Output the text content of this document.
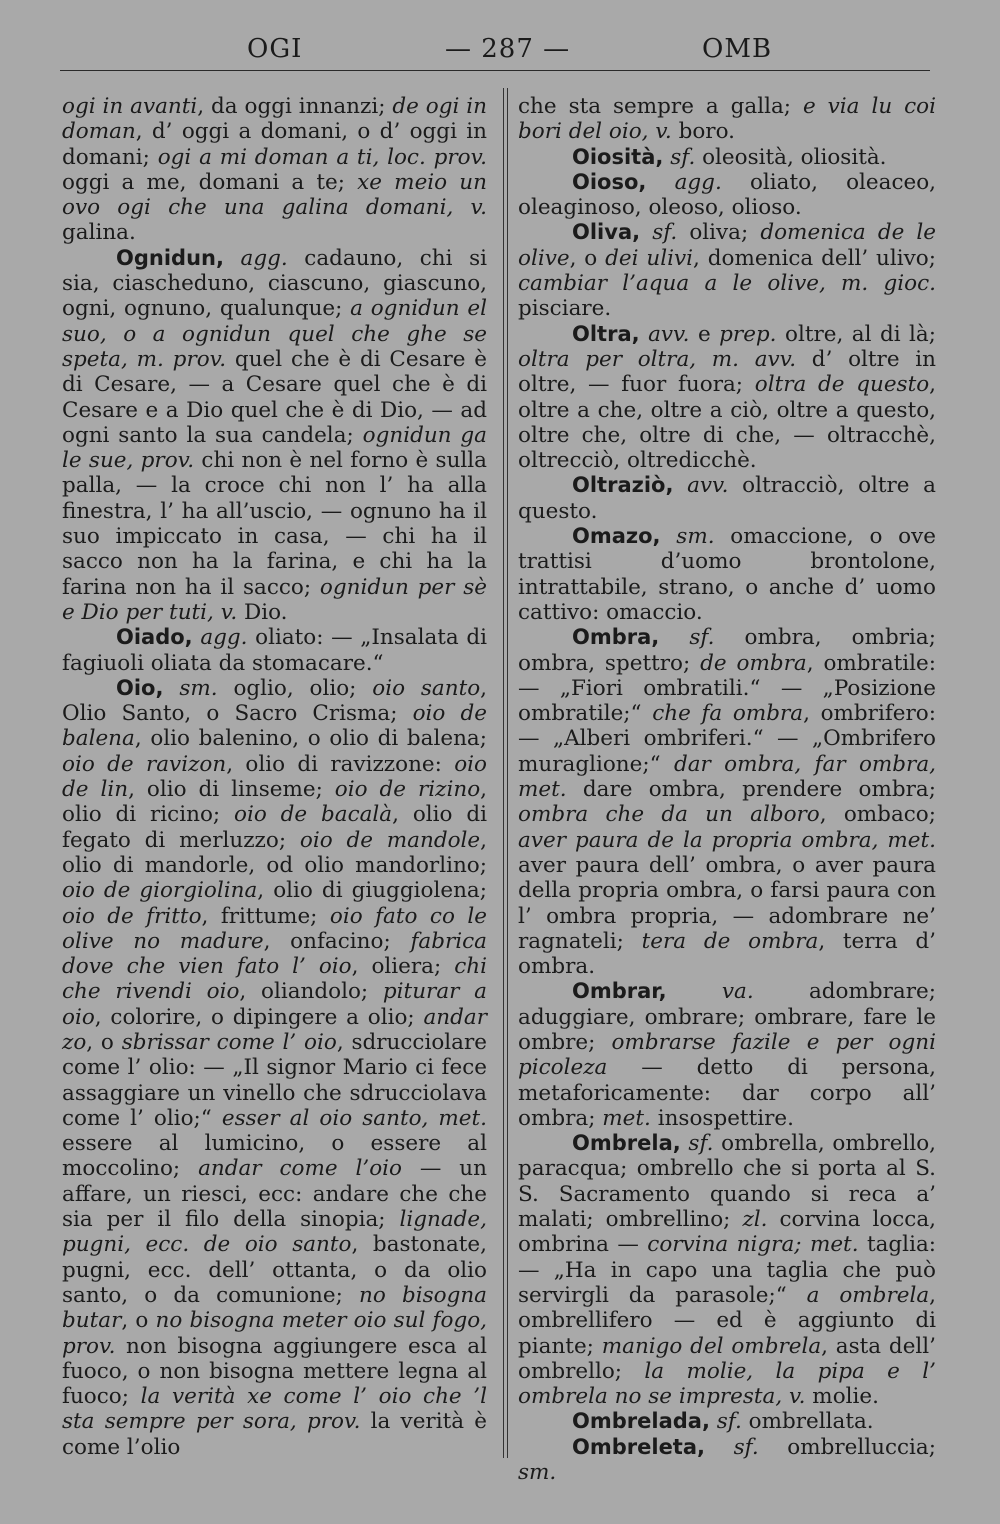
OGI	— 287 —	OMB

ogi in avanti, da oggi innanzi; de ogi in doman, d’ oggi a domani, o d’ oggi in domani; ogi a mi doman a ti, loc. prov. oggi a me, domani a te; xe meio un ovo ogi che una galina domani, v. galina.

Ognidun, agg. cadauno, chi si sia, ciascheduno, ciascuno, giascuno, ogni, ognuno, qualunque; a ognidun el suo, o a ognidun quel che ghe se speta, m. prov. quel che è di Cesare è di Cesare, — a Cesare quel che è di Cesare e a Dio quel che è di Dio, — ad ogni santo la sua candela; ognidun ga le sue, prov. chi non è nel forno è sulla palla, — la croce chi non l’ ha alla finestra, l’ ha all’uscio, — ognuno ha il suo impiccato in casa, — chi ha il sacco non ha la farina, e chi ha la farina non ha il sacco; ognidun per sè e Dio per tuti, v. Dio.

Oiado, agg. oliato: — „Insalata di fagiuoli oliata da stomacare.“

Oio, sm. oglio, olio; oio santo, Olio Santo, o Sacro Crisma; oio de balena, olio balenino, o olio di balena; oio de ravizon, olio di ravizzone: oio de lin, olio di linseme; oio de rizino, olio di ricino; oio de bacalà, olio di fegato di merluzzo; oio de mandole, olio di mandorle, od olio mandorlino; oio de giorgiolina, olio di giuggiolena; oio de fritto, frittume; oio fato co le olive no madure, onfacino; fabrica dove che vien fato l’ oio, oliera; chi che rivendi oio, oliandolo; piturar a oio, colorire, o dipingere a olio; andar zo, o sbrissar come l’ oio, sdrucciolare come l’ olio: — „Il signor Mario ci fece assaggiare un vinello che sdrucciolava come l’ olio;“ esser al oio santo, met. essere al lumicino, o essere al moccolino; andar come l’oio — un affare, un riesci, ecc: andare che che sia per il filo della sinopia; lignade, pugni, ecc. de oio santo, bastonate, pugni, ecc. dell’ ottanta, o da olio santo, o da comunione; no bisogna butar, o no bisogna meter oio sul fogo, prov. non bisogna aggiungere esca al fuoco, o non bisogna mettere legna al fuoco; la verità xe come l’ oio che ’l sta sempre per sora, prov. la verità è come l’olio

che sta sempre a galla; e via lu coi bori del oio, v. boro.

Oiosità, sf. oleosità, oliosità.

Oioso, agg. oliato, oleaceo, oleaginoso, oleoso, olioso.

Oliva, sf. oliva; domenica de le olive, o dei ulivi, domenica dell’ ulivo; cambiar l’aqua a le olive, m. gioc. pisciare.

Oltra, avv. e prep. oltre, al di là; oltra per oltra, m. avv. d’ oltre in oltre, — fuor fuora; oltra de questo, oltre a che, oltre a ciò, oltre a questo, oltre che, oltre di che, — oltracchè, oltrecciò, oltredicchè.

Oltraziò, avv. oltracciò, oltre a questo.

Omazo, sm. omaccione, o ove trattisi d’uomo brontolone, intrattabile, strano, o anche d’ uomo cattivo: omaccio.

Ombra, sf. ombra, ombria; ombra, spettro; de ombra, ombratile: — „Fiori ombratili.“ — „Posizione ombratile;“ che fa ombra, ombrifero: — „Alberi ombriferi.“ — „Ombrifero muraglione;“ dar ombra, far ombra, met. dare ombra, prendere ombra; ombra che da un alboro, ombaco; aver paura de la propria ombra, met. aver paura dell’ ombra, o aver paura della propria ombra, o farsi paura con l’ ombra propria, — adombrare ne’ ragnateli; tera de ombra, terra d’ ombra.

Ombrar,	va. adombrare; aduggiare, ombrare; ombrare, fare le ombre; ombrarse fazile e per ogni picoleza — detto di persona, metaforicamente: dar corpo all’ ombra; met. insospettire.

Ombrela, sf. ombrella, ombrello, paracqua; ombrello che si porta al S. S. Sacramento quando si reca a’ malati; ombrellino; zl. corvina locca, ombrina — corvina nigra; met. taglia: — „Ha in capo una taglia che può servirgli da parasole;“ a ombrela, ombrellifero — ed è aggiunto di piante; manigo del ombrela, asta dell’ ombrello; la molie, la pipa e l’ ombrela no se impresta, v. molie.

Ombrelada, sf. ombrellata.

Ombreleta, sf. ombrelluccia; sm.
